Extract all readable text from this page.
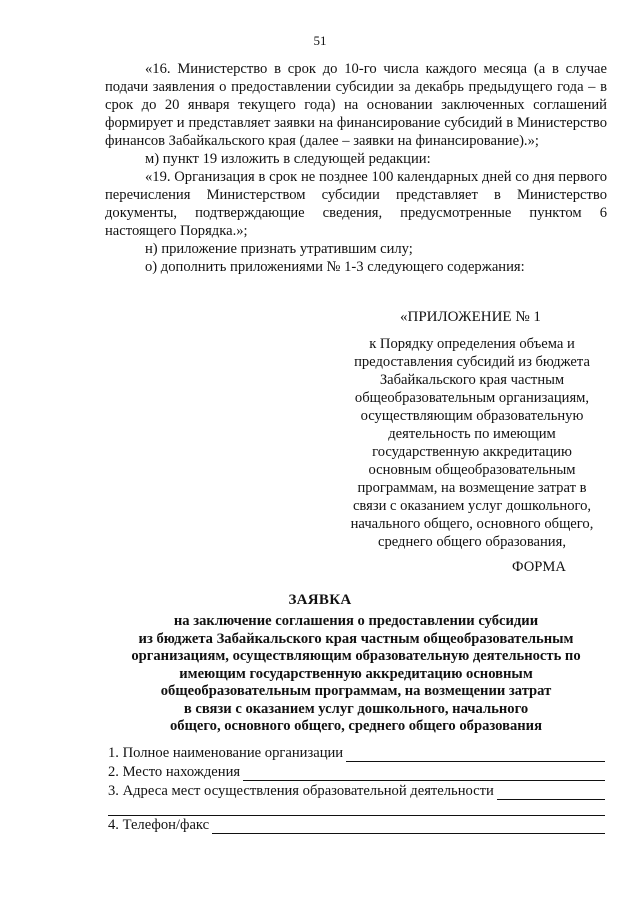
51

«16. Министерство в срок до 10-го числа каждого месяца (а в случае подачи заявления о предоставлении субсидии за декабрь предыдущего года – в срок до 20 января текущего года) на основании заключенных соглашений формирует и представляет заявки на финансирование субсидий в Министерство финансов Забайкальского края (далее – заявки на финансирование).»;

м) пункт 19 изложить в следующей редакции:

«19. Организация в срок не позднее 100 календарных дней со дня первого перечисления Министерством субсидии представляет в Министерство документы, подтверждающие сведения, предусмотренные пунктом 6 настоящего Порядка.»;

н) приложение признать утратившим силу;

о) дополнить приложениями № 1-3 следующего содержания:

«ПРИЛОЖЕНИЕ № 1
к Порядку определения объема и
предоставления субсидий из бюджета
Забайкальского края частным
общеобразовательным организациям,
осуществляющим образовательную
деятельность по имеющим
государственную аккредитацию
основным общеобразовательным
программам, на возмещение затрат в
связи с оказанием услуг дошкольного,
начального общего, основного общего,
среднего общего образования,
ФОРМА
ЗАЯВКА
на заключение соглашения о предоставлении субсидии
из бюджета Забайкальского края частным общеобразовательным
организациям, осуществляющим образовательную деятельность по
имеющим государственную аккредитацию основным
общеобразовательным программам, на возмещении затрат
в связи с оказанием услуг дошкольного, начального
общего, основного общего, среднего общего образования
1. Полное наименование организации
2. Место нахождения
3. Адреса мест осуществления образовательной деятельности
4. Телефон/факс
